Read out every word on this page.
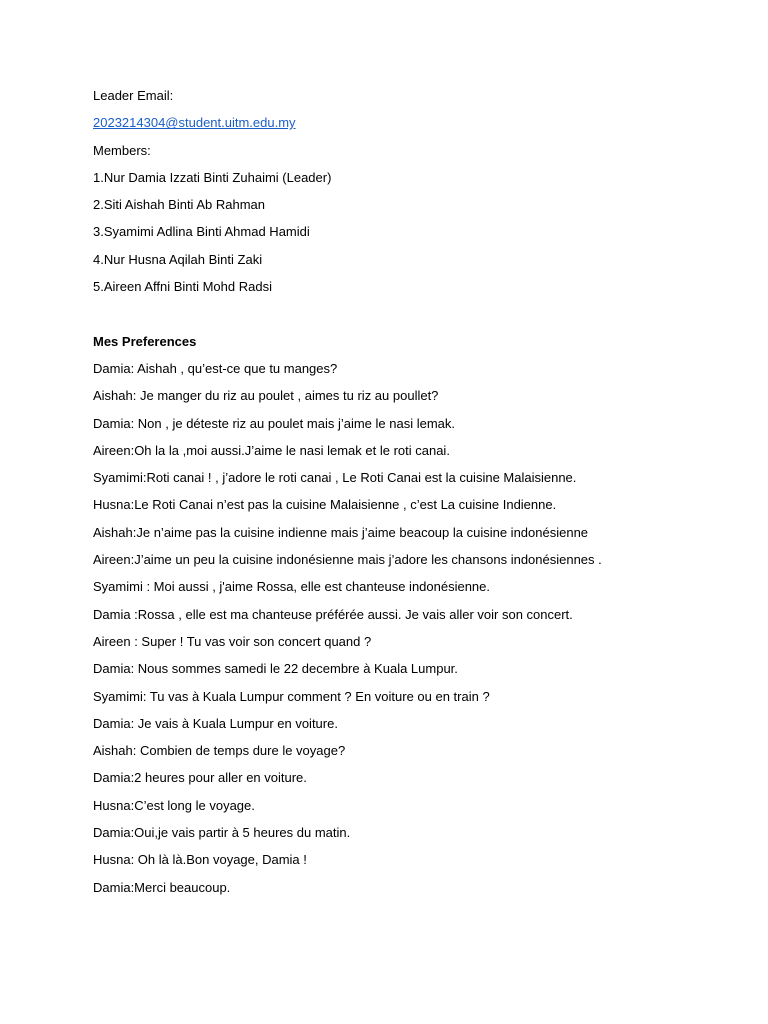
Leader Email:
2023214304@student.uitm.edu.my
Members:
1.Nur Damia Izzati Binti Zuhaimi (Leader)
2.Siti Aishah Binti Ab Rahman
3.Syamimi Adlina Binti Ahmad Hamidi
4.Nur Husna Aqilah Binti Zaki
5.Aireen Affni Binti Mohd Radsi
Mes Preferences
Damia: Aishah , qu’est-ce que tu manges?
Aishah: Je manger du riz au poulet , aimes tu riz au poullet?
Damia: Non , je déteste riz au poulet mais j’aime le nasi lemak.
Aireen:Oh la la ,moi aussi.J’aime le nasi lemak et le roti canai.
Syamimi:Roti canai ! , j’adore le roti canai , Le Roti Canai est la cuisine Malaisienne.
Husna:Le Roti Canai n’est pas la cuisine Malaisienne , c’est La cuisine Indienne.
Aishah:Je n’aime pas la cuisine indienne mais j’aime beacoup la cuisine indonésienne
Aireen:J’aime un peu la cuisine indonésienne mais j’adore les chansons indonésiennes .
Syamimi : Moi aussi , j'aime Rossa, elle est chanteuse indonésienne.
Damia :Rossa , elle est ma chanteuse préférée aussi. Je vais aller voir son concert.
Aireen : Super ! Tu vas voir son concert quand ?
Damia: Nous sommes samedi le 22 decembre à Kuala Lumpur.
Syamimi: Tu vas à Kuala Lumpur comment ? En voiture ou en train ?
Damia: Je vais à Kuala Lumpur en voiture.
Aishah: Combien de temps dure le voyage?
Damia:2 heures pour aller en voiture.
Husna:C’est long le voyage.
Damia:Oui,je vais partir à 5 heures du matin.
Husna: Oh là là.Bon voyage, Damia !
Damia:Merci beaucoup.
